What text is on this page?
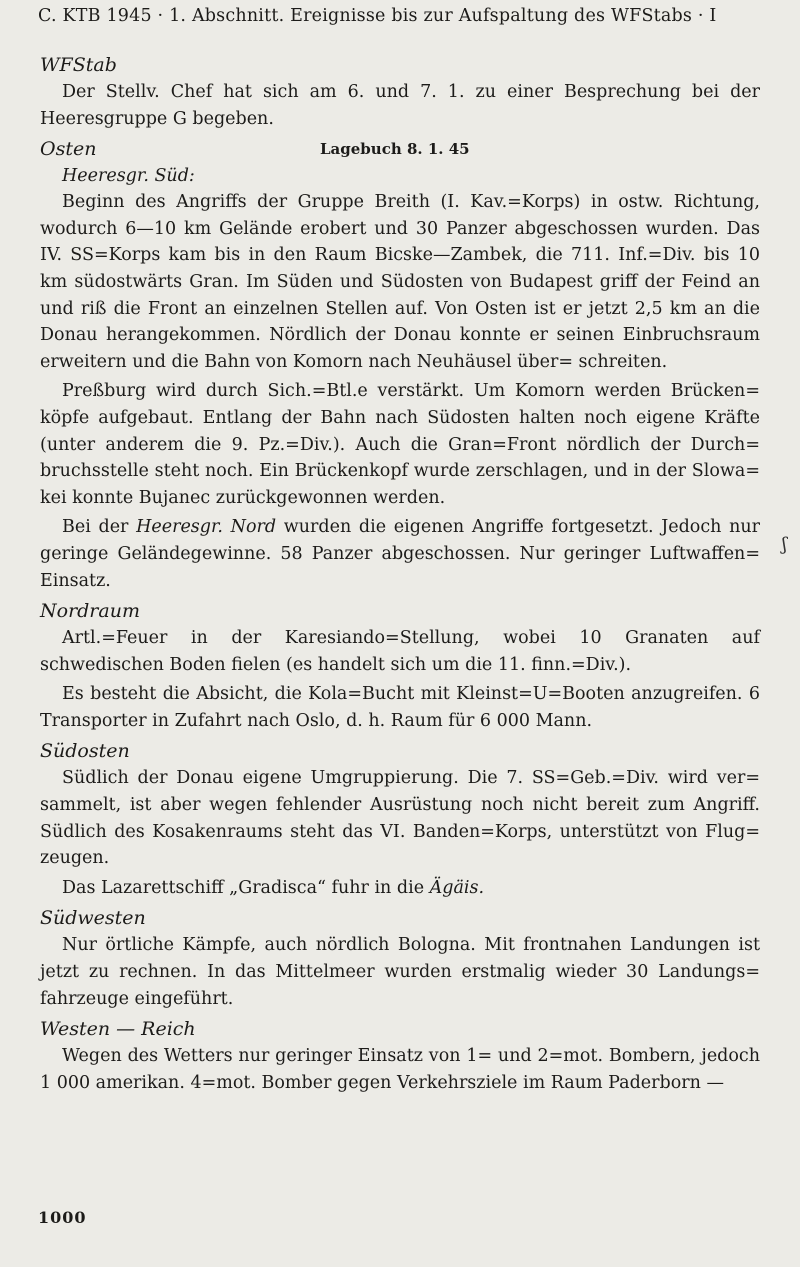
C. KTB 1945 · 1. Abschnitt. Ereignisse bis zur Aufspaltung des WFStabs · I

WFStab

Der Stellv. Chef hat sich am 6. und 7. 1. zu einer Besprechung bei der Heeresgruppe G begeben.

Osten	Lagebuch 8. 1. 45

Heeresgr. Süd:

Beginn des Angriffs der Gruppe Breith (I. Kav.=Korps) in ostw. Richtung, wodurch 6—10 km Gelände erobert und 30 Panzer abgeschossen wurden. Das IV. SS=Korps kam bis in den Raum Bicske—Zambek, die 711. Inf.=Div. bis 10 km südostwärts Gran. Im Süden und Südosten von Budapest griff der Feind an und riß die Front an einzelnen Stellen auf. Von Osten ist er jetzt 2,5 km an die Donau herangekommen. Nördlich der Donau konnte er seinen Einbruchsraum erweitern und die Bahn von Komorn nach Neuhäusel über= schreiten.

Preßburg wird durch Sich.=Btl.e verstärkt. Um Komorn werden Brücken= köpfe aufgebaut. Entlang der Bahn nach Südosten halten noch eigene Kräfte (unter anderem die 9. Pz.=Div.). Auch die Gran=Front nördlich der Durch= bruchsstelle steht noch. Ein Brückenkopf wurde zerschlagen, und in der Slowa= kei konnte Bujanec zurückgewonnen werden.

Bei der Heeresgr. Nord wurden die eigenen Angriffe fortgesetzt. Jedoch nur geringe Geländegewinne. 58 Panzer abgeschossen. Nur geringer Luftwaffen= Einsatz.

Nordraum

Artl.=Feuer in der Karesiando=Stellung, wobei 10 Granaten auf schwedischen Boden fielen (es handelt sich um die 11. finn.=Div.).

Es besteht die Absicht, die Kola=Bucht mit Kleinst=U=Booten anzugreifen. 6 Transporter in Zufahrt nach Oslo, d. h. Raum für 6 000 Mann.

Südosten

Südlich der Donau eigene Umgruppierung. Die 7. SS=Geb.=Div. wird ver= sammelt, ist aber wegen fehlender Ausrüstung noch nicht bereit zum Angriff. Südlich des Kosakenraums steht das VI. Banden=Korps, unterstützt von Flug= zeugen.

Das Lazarettschiff „Gradisca“ fuhr in die Ägäis.

Südwesten

Nur örtliche Kämpfe, auch nördlich Bologna. Mit frontnahen Landungen ist jetzt zu rechnen. In das Mittelmeer wurden erstmalig wieder 30 Landungs= fahrzeuge eingeführt.

Westen — Reich

Wegen des Wetters nur geringer Einsatz von 1= und 2=mot. Bombern, jedoch 1 000 amerikan. 4=mot. Bomber gegen Verkehrsziele im Raum Paderborn —

ʃ
1000
